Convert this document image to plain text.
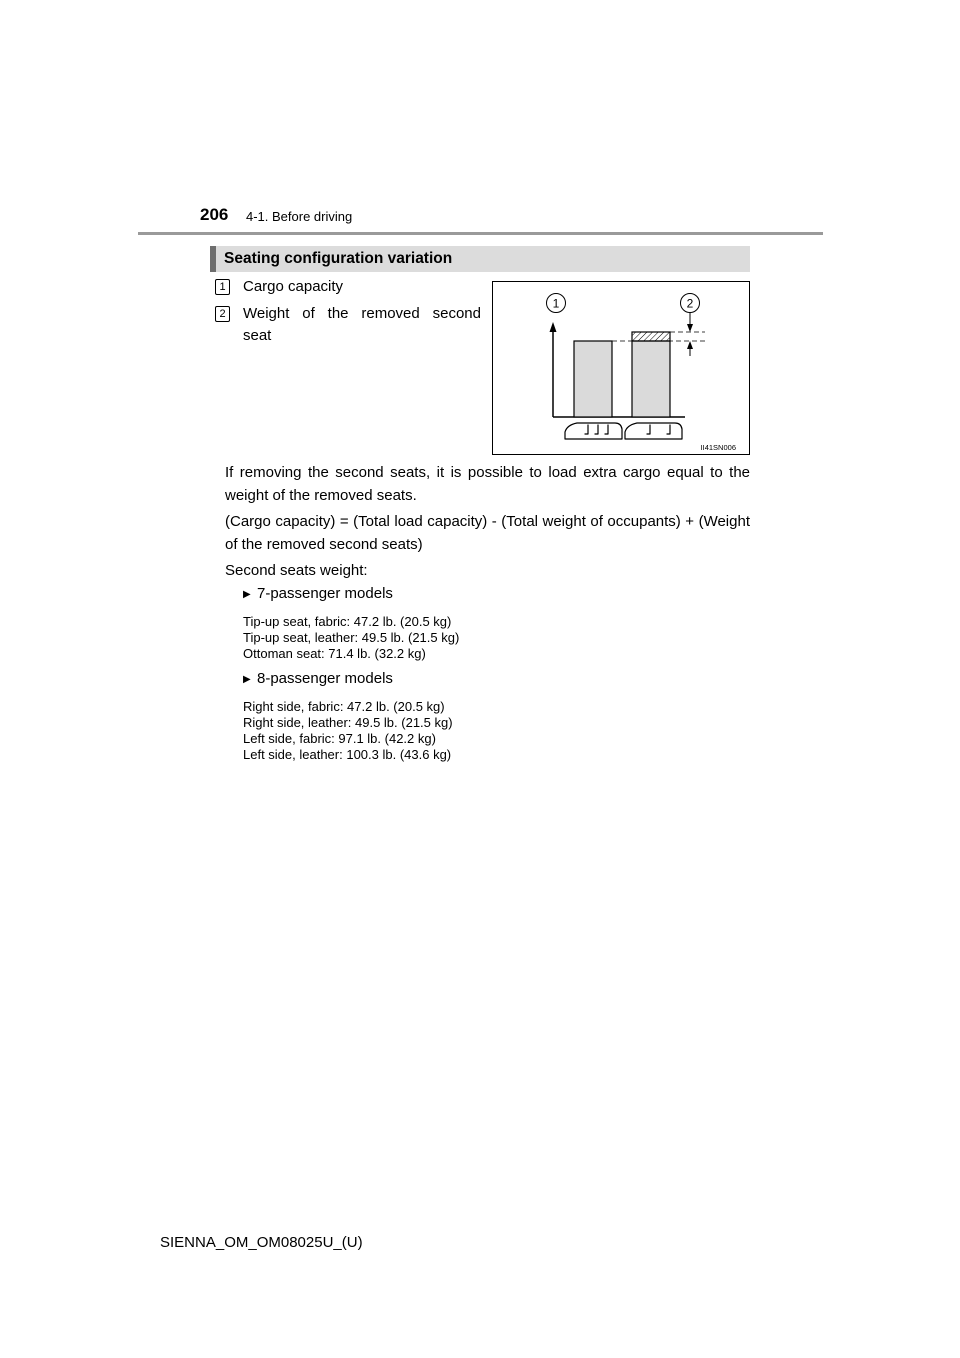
206 4-1. Before driving
Seating configuration variation
1 Cargo capacity
2 Weight of the removed second seat
1	2
II41SN006
If removing the second seats, it is possible to load extra cargo equal to the weight of the removed seats.
(Cargo capacity) = (Total load capacity) - (Total weight of occupants) + (Weight of the removed second seats)
Second seats weight:
▶ 7-passenger models
Tip-up seat, fabric: 47.2 lb. (20.5 kg)
Tip-up seat, leather: 49.5 lb. (21.5 kg)
Ottoman seat: 71.4 lb. (32.2 kg)
▶ 8-passenger models
Right side, fabric: 47.2 lb. (20.5 kg)
Right side, leather: 49.5 lb. (21.5 kg)
Left side, fabric: 97.1 lb. (42.2 kg)
Left side, leather: 100.3 lb. (43.6 kg)
SIENNA_OM_OM08025U_(U)
